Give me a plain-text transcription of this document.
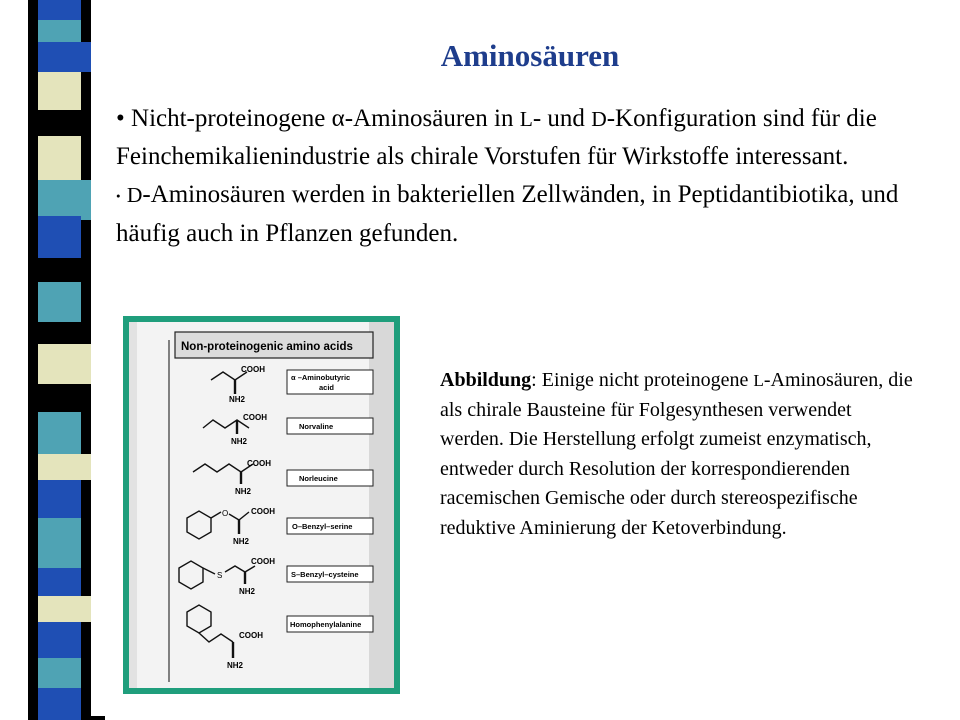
Aminosäuren

• Nicht-proteinogene α-Aminosäuren in L- und D-Konfiguration sind für die Feinchemikalienindustrie als chirale Vorstufen für Wirkstoffe interessant.

• D-Aminosäuren werden in bakteriellen Zellwänden, in Peptidantibiotika, und häufig auch in Pflanzen gefunden.

Non-proteinogenic amino acids
COOH
NH2
α –Aminobutyric
acid
COOH
NH2
Norvaline
COOH
NH2
Norleucine
O	COOH
NH2
O–Benzyl–serine
S
COOH
NH2
S–Benzyl–cysteine
COOH
NH2
Homophenylalanine
Abbildung: Einige nicht proteinogene L-Aminosäuren, die als chirale Bausteine für Folgesynthesen verwendet werden. Die Herstellung erfolgt zumeist enzymatisch, entweder durch Resolution der korrespondierenden racemischen Gemische oder durch stereospezifische reduktive Aminierung der Ketoverbindung.
